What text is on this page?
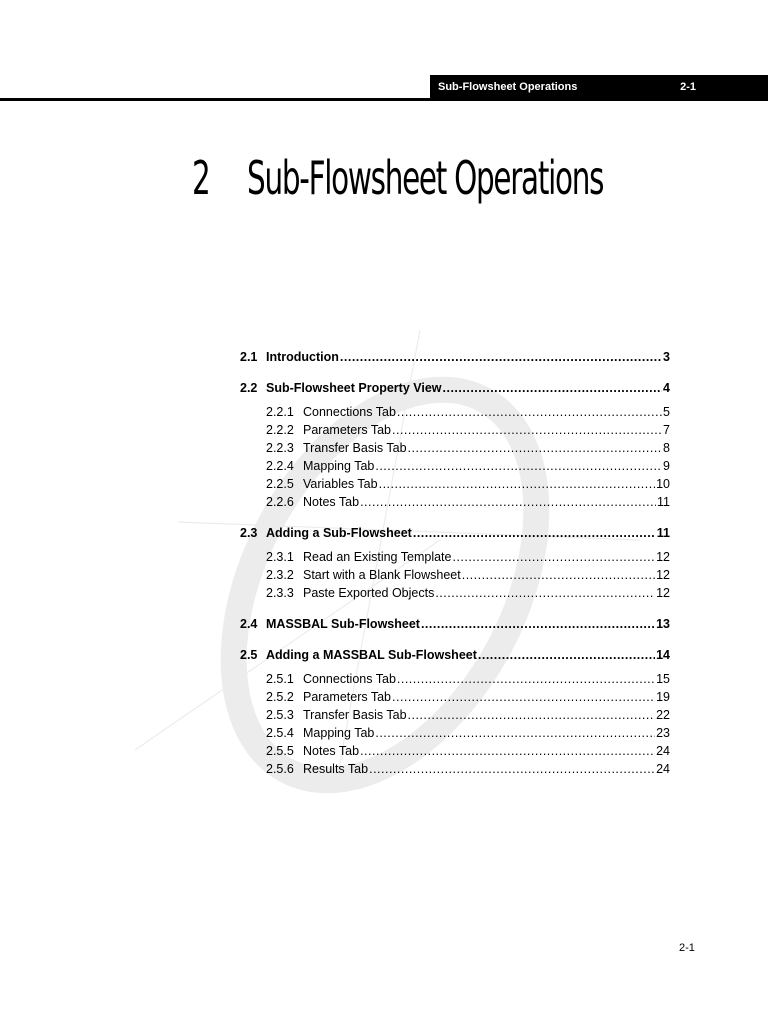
Sub-Flowsheet Operations	2-1
2 Sub-Flowsheet Operations
2.1 Introduction .....	3
2.2 Sub-Flowsheet Property View .....	4
2.2.1 Connections Tab .....	5
2.2.2 Parameters Tab .....	7
2.2.3 Transfer Basis Tab .....	8
2.2.4 Mapping Tab .....	9
2.2.5 Variables Tab .....	10
2.2.6 Notes Tab .....	11
2.3 Adding a Sub-Flowsheet .....	11
2.3.1 Read an Existing Template .....	12
2.3.2 Start with a Blank Flowsheet .....	12
2.3.3 Paste Exported Objects .....	12
2.4 MASSBAL Sub-Flowsheet .....	13
2.5 Adding a MASSBAL Sub-Flowsheet .....	14
2.5.1 Connections Tab .....	15
2.5.2 Parameters Tab .....	19
2.5.3 Transfer Basis Tab .....	22
2.5.4 Mapping Tab .....	23
2.5.5 Notes Tab .....	24
2.5.6 Results Tab .....	24
2-1
